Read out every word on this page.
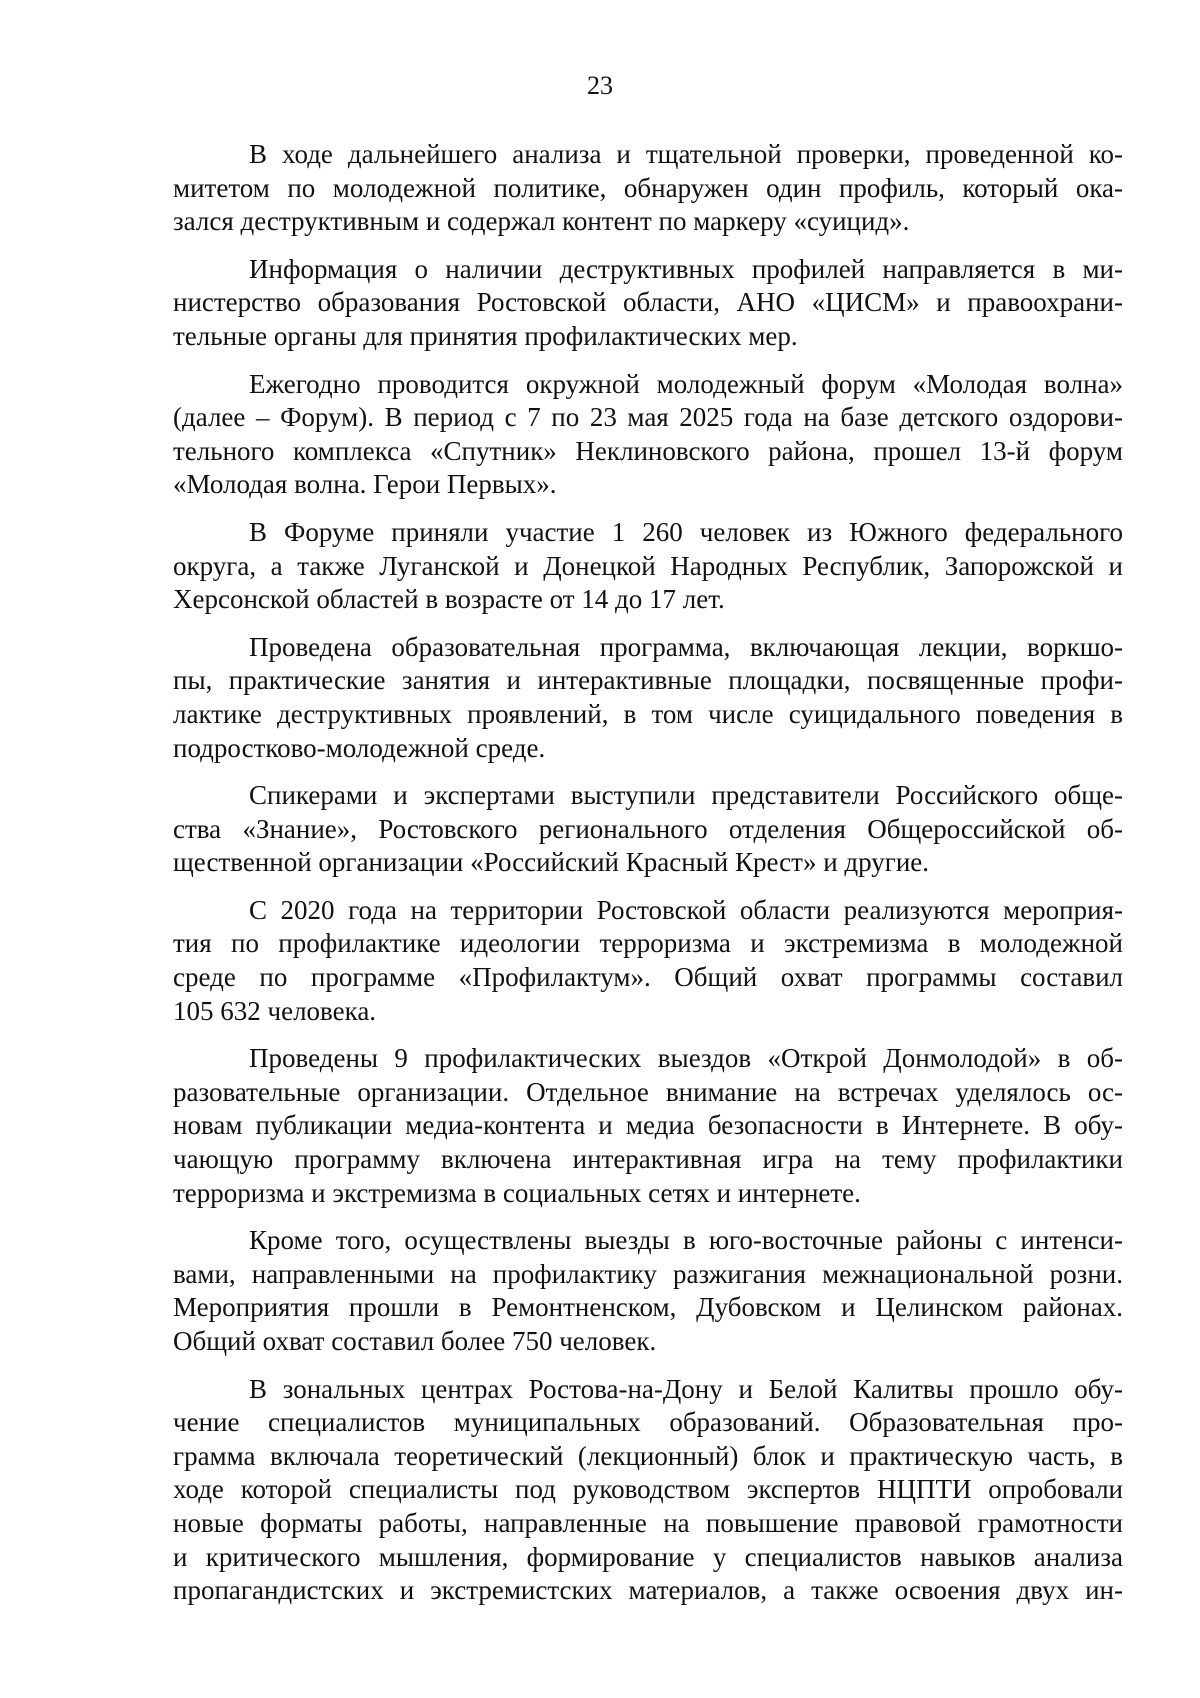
23

В ходе дальнейшего анализа и тщательной проверки, проведенной ко-
митетом по молодежной политике, обнаружен один профиль, который ока-
зался деструктивным и содержал контент по маркеру «суицид».
Информация о наличии деструктивных профилей направляется в ми-
нистерство образования Ростовской области, АНО «ЦИСМ» и правоохрани-
тельные органы для принятия профилактических мер.
Ежегодно проводится окружной молодежный форум «Молодая волна»
(далее – Форум). В период с 7 по 23 мая 2025 года на базе детского оздорови-
тельного комплекса «Спутник» Неклиновского района, прошел 13-й форум
«Молодая волна. Герои Первых».
В Форуме приняли участие 1 260 человек из Южного федерального
округа, а также Луганской и Донецкой Народных Республик, Запорожской и
Херсонской областей в возрасте от 14 до 17 лет.
Проведена образовательная программа, включающая лекции, воркшо-
пы, практические занятия и интерактивные площадки, посвященные профи-
лактике деструктивных проявлений, в том числе суицидального поведения в
подростково-молодежной среде.
Спикерами и экспертами выступили представители Российского обще-
ства «Знание», Ростовского регионального отделения Общероссийской об-
щественной организации «Российский Красный Крест» и другие.
С 2020 года на территории Ростовской области реализуются мероприя-
тия по профилактике идеологии терроризма и экстремизма в молодежной
среде по программе «Профилактум». Общий охват программы составил
105 632 человека.
Проведены 9 профилактических выездов «Открой Донмолодой» в об-
разовательные организации. Отдельное внимание на встречах уделялось ос-
новам публикации медиа-контента и медиа безопасности в Интернете. В обу-
чающую программу включена интерактивная игра на тему профилактики
терроризма и экстремизма в социальных сетях и интернете.
Кроме того, осуществлены выезды в юго-восточные районы с интенси-
вами, направленными на профилактику разжигания межнациональной розни.
Мероприятия прошли в Ремонтненском, Дубовском и Целинском районах.
Общий охват составил более 750 человек.
В зональных центрах Ростова-на-Дону и Белой Калитвы прошло обу-
чение специалистов муниципальных образований. Образовательная про-
грамма включала теоретический (лекционный) блок и практическую часть, в
ходе которой специалисты под руководством экспертов НЦПТИ опробовали
новые форматы работы, направленные на повышение правовой грамотности
и критического мышления, формирование у специалистов навыков анализа
пропагандистских и экстремистских материалов, а также освоения двух ин-
